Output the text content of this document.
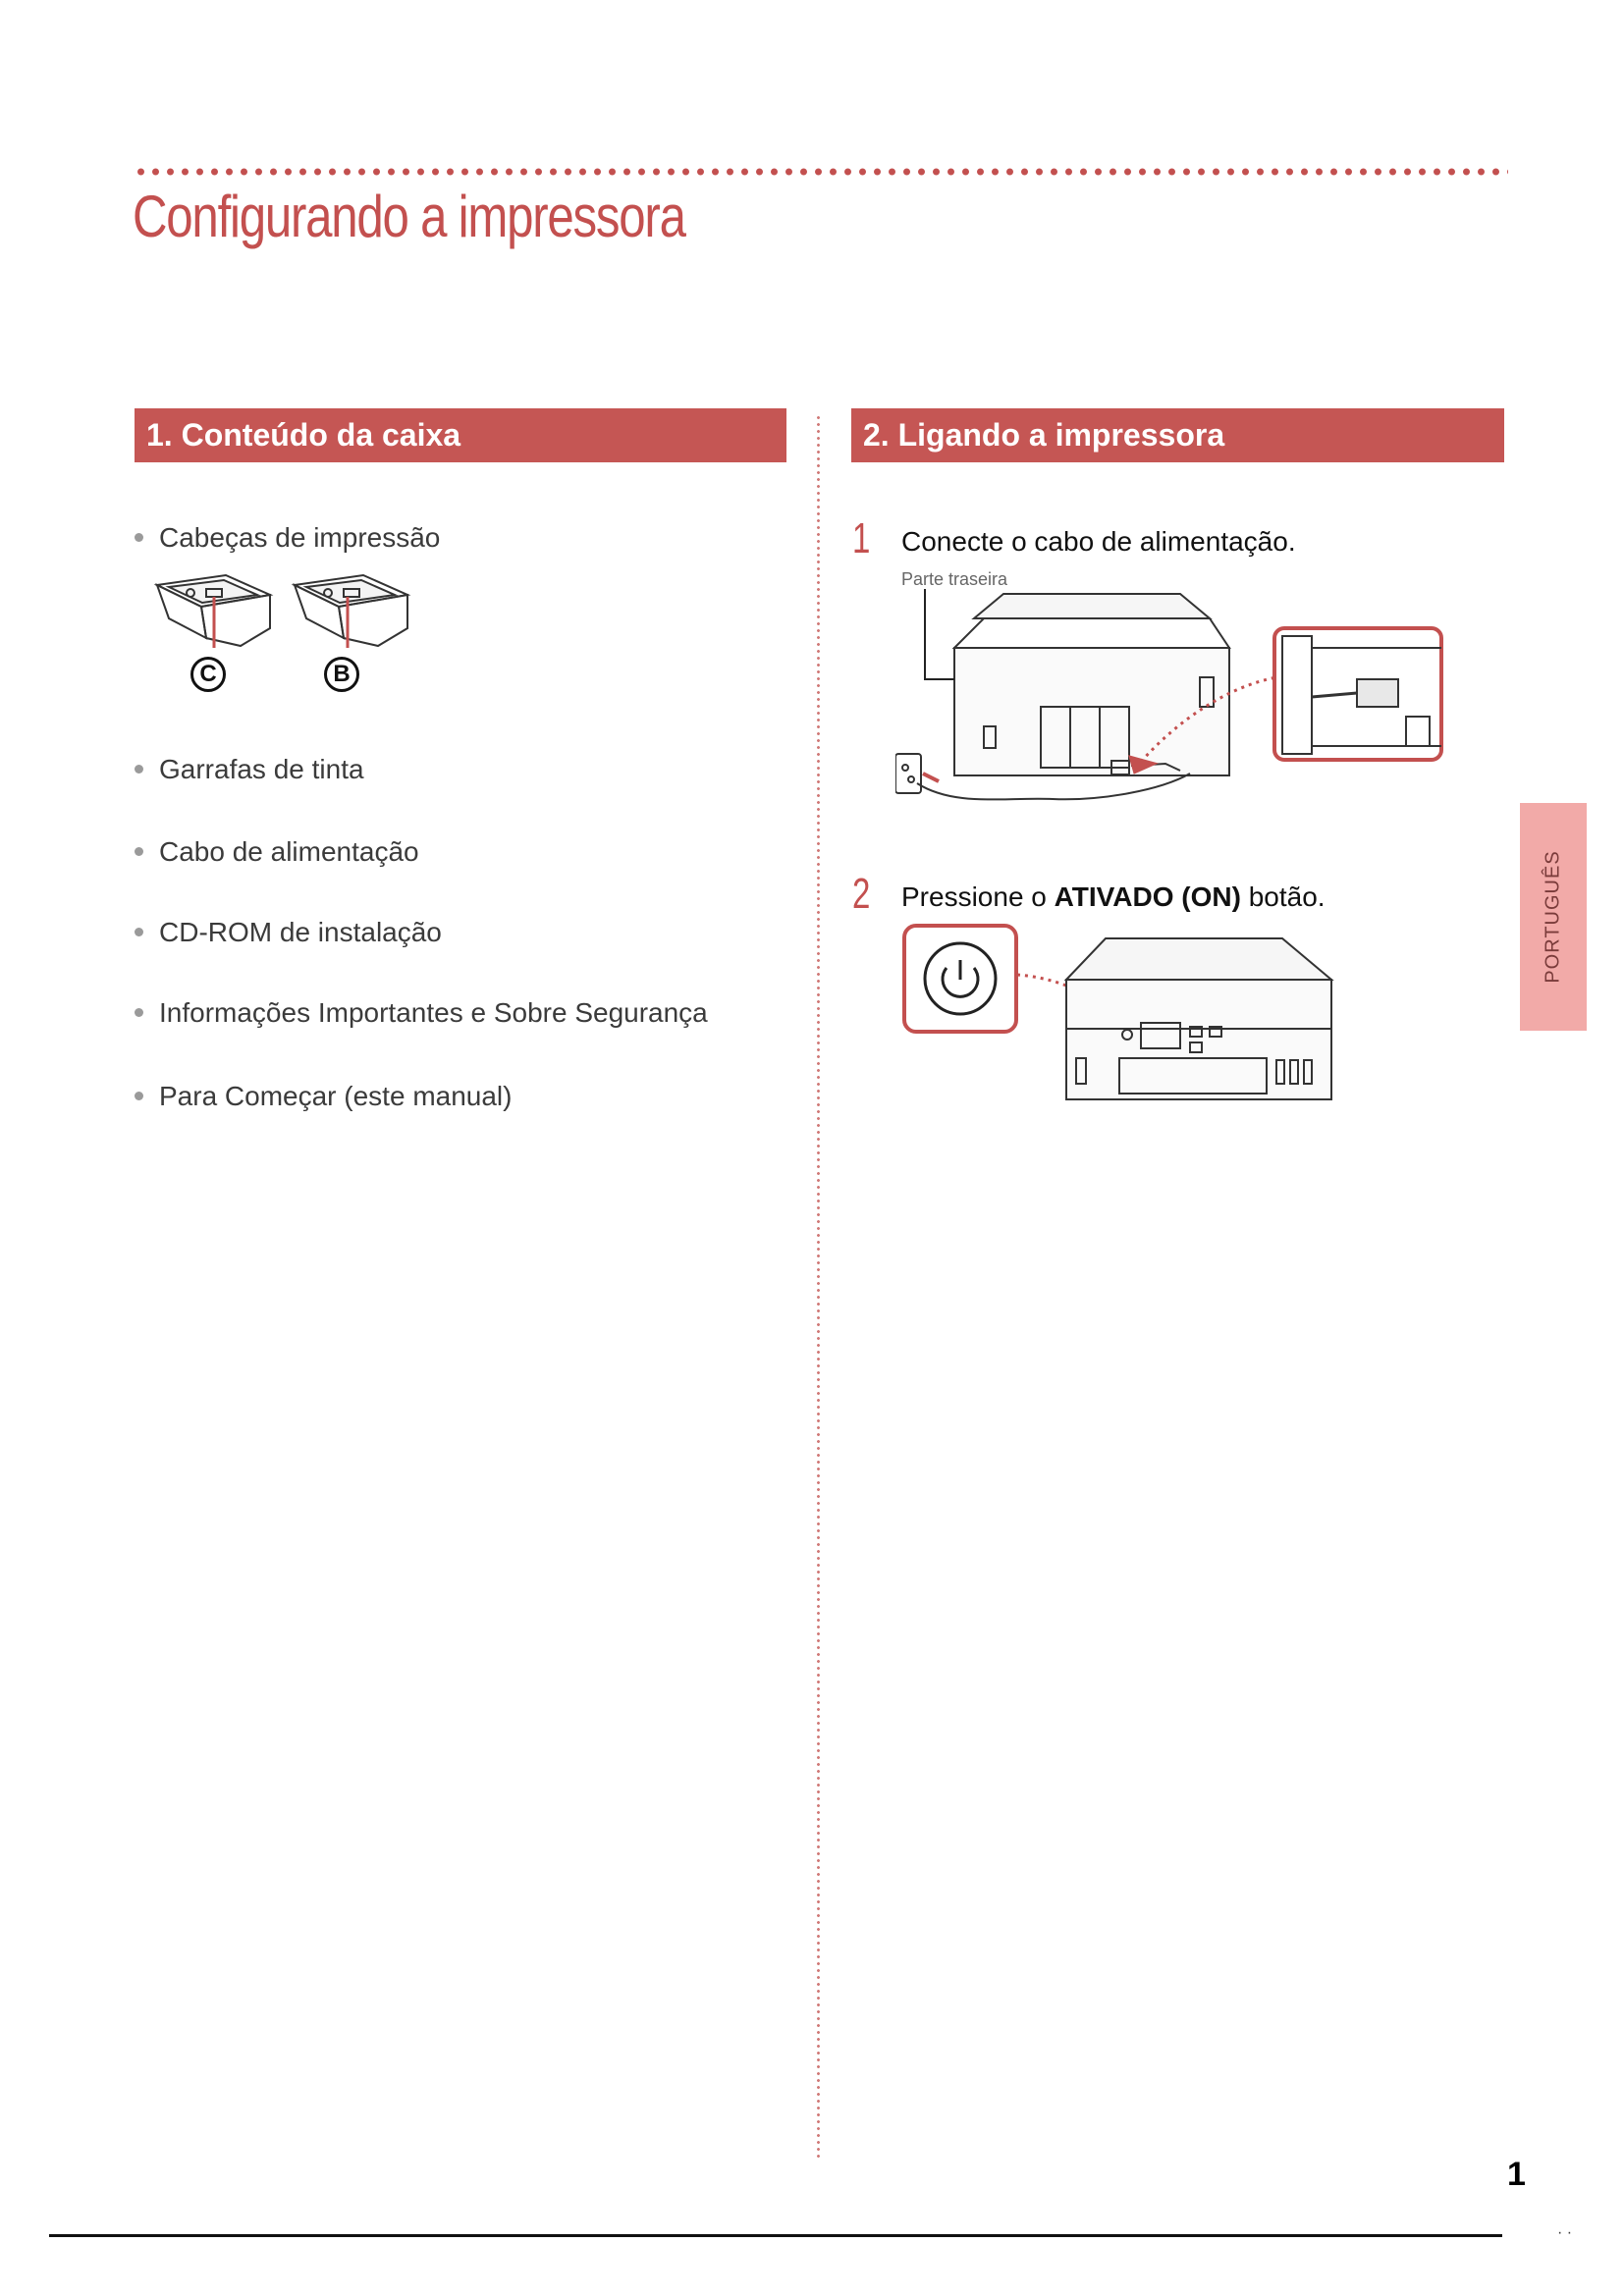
Configurando a impressora
1. Conteúdo da caixa
Cabeças de impressão
Garrafas de tinta
Cabo de alimentação
CD-ROM de instalação
Informações Importantes e Sobre Segurança
Para Começar (este manual)
C	B
2. Ligando a impressora
1 Conecte o cabo de alimentação.
Parte traseira
2 Pressione o ATIVADO (ON) botão.	PORTUGUÊS
1
· ·
